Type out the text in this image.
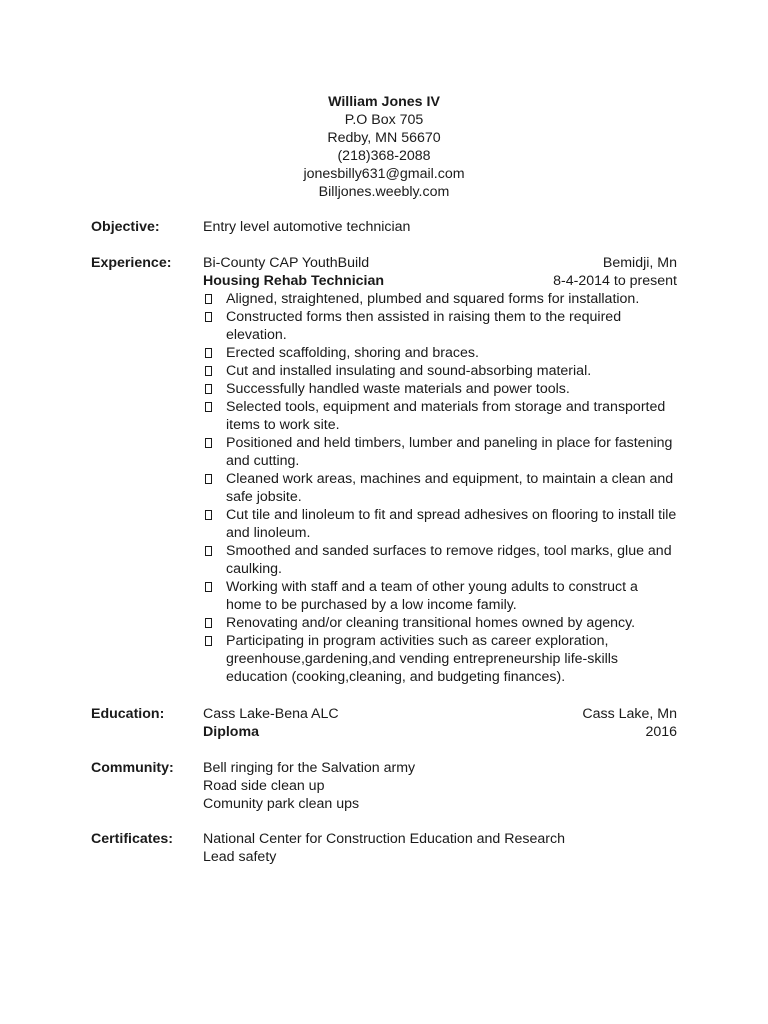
William Jones IV
P.O Box 705
Redby, MN 56670
(218)368-2088
jonesbilly631@gmail.com
Billjones.weebly.com
Objective:	Entry level automotive technician
Experience: Bi-County CAP YouthBuild	Bemidji, Mn
Housing Rehab Technician	8-4-2014 to present
Aligned, straightened, plumbed and squared forms for installation.
Constructed forms then assisted in raising them to the required elevation.
Erected scaffolding, shoring and braces.
Cut and installed insulating and sound-absorbing material.
Successfully handled waste materials and power tools.
Selected tools, equipment and materials from storage and transported items to work site.
Positioned and held timbers, lumber and paneling in place for fastening and cutting.
Cleaned work areas, machines and equipment, to maintain a clean and safe jobsite.
Cut tile and linoleum to fit and spread adhesives on flooring to install tile and linoleum.
Smoothed and sanded surfaces to remove ridges, tool marks, glue and caulking.
Working with staff and a team of other young adults to construct a home to be purchased by a low income family.
Renovating and/or cleaning transitional homes owned by agency.
Participating in program activities such as career exploration, greenhouse,gardening,and vending entrepreneurship life-skills education (cooking,cleaning, and budgeting finances).
Education:	Cass Lake-Bena ALC	Cass Lake, Mn
Diploma	2016
Community: Bell ringing for the Salvation army
Road side clean up
Comunity park clean ups
Certificates: National Center for Construction Education and Research
Lead safety
